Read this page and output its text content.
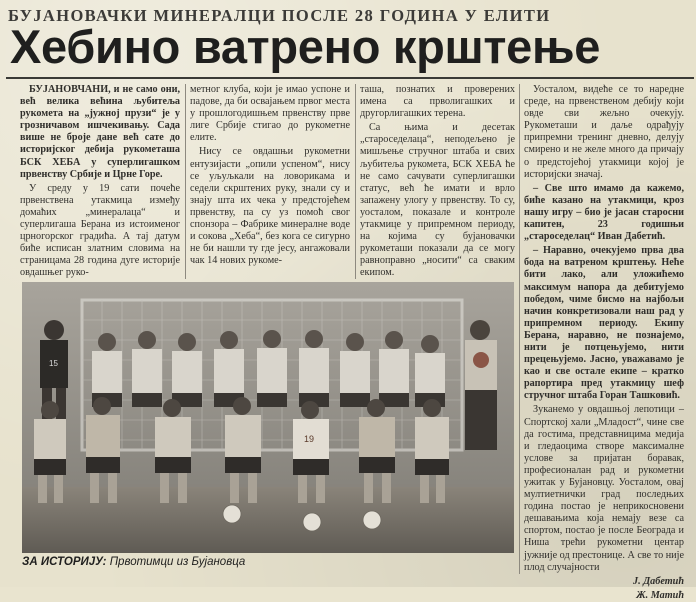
БУЈАНОВАЧКИ МИНЕРАЛЦИ ПОСЛЕ 28 ГОДИНА У ЕЛИТИ
Хебино ватрено крштење

БУЈАНОВЧАНИ, и не само они, већ велика већина љубитеља рукомета на „јужној прузи“ је у грозничавом ишчекивању. Сада више не броје дане већ сате до историјског дебија рукометаша БСК ХЕБА у суперлигашком првенству Србије и Црне Горе.

У среду у 19 сати почеће првенствена утакмица између домаћих „минералаца“ и суперлигаша Берана из истоименог црногорског градића. А тај датум биће исписан златним словима на страницама 28 година дуге историје овдашњег руко-

метног клуба, који је имао успоне и падове, да би освајањем првог места у прошлогодишњем првенству прве лиге Србије стигао до рукометне елите.

Нису се овдашњи рукометни ентузијасти „опили успеном“, нису се уљуљкали на ловорикама и седели скрштених руку, знали су и знају шта их чека у предстојећем првенству, па су уз помоћ свог спонзора – Фабрике минералне воде и сокова „Хеба“, без кога се сигурно не би нашли ту где јесу, ангажовали чак 14 нових рукоме-

таша, познатих и проверених имена са прволигашких и другорлигашких терена.

Са њима и десетак „староседелаца“, неподељено је мишљење стручног штаба и свих љубитеља рукомета, БСК ХЕБА ће не само сачувати суперлигашки статус, већ ће имати и врло запажену улогу у првенству. То су, уосталом, показале и контроле утакмице у припремном периоду, на којима су бујановачки рукометаши показали да се могу равноправно „носити“ са сваким екипом.

Уосталом, видеће се то наредне среде, на првенственом дебију који овде сви жељно очекују. Рукометаши и даље одрађују припремни тренинг дневно, делују смирено и не желе много да причају о предстојећој утакмици којој је историјски значај.

– Све што имамо да кажемо, биће казано на утакмици, кроз нашу игру – био је јасан старосни капитен, 23 годишњи „староседелац“ Иван Дабетић.

– Наравно, очекујемо прва два бода на ватреном крштењу. Неће бити лако, али уложићемо максимум напора да дебитујемо победом, чиме бисмо на најбољи начин конкретизовали наш рад у припремном периоду. Екипу Берана, наравно, не познајемо, нити је потцењујемо, нити прецењујемо. Јасно, уважавамо је као и све остале екипе – кратко рапортира пред утакмицу шеф стручног штаба Горан Ташковић.

Зуканемо у овдашњој лепотици – Спортској хали „Младост“, чине све да гостима, представницима медија и гледаоцима створе максималне услове за пријатан боравак, професионалан рад и рукометни ужитак у Бујановцу. Уосталом, овај мултиетнички град последњих година постао је неприкосновени дешавањима која немају везе са спортом, постао је после Београда и Ниша трећи рукометни центар јужније од престонице. А све то није плод случајности

Ј. Дабетић
Ж. Матић
15
19
ЗА ИСТОРИЈУ: Првотимци из Бујановца
